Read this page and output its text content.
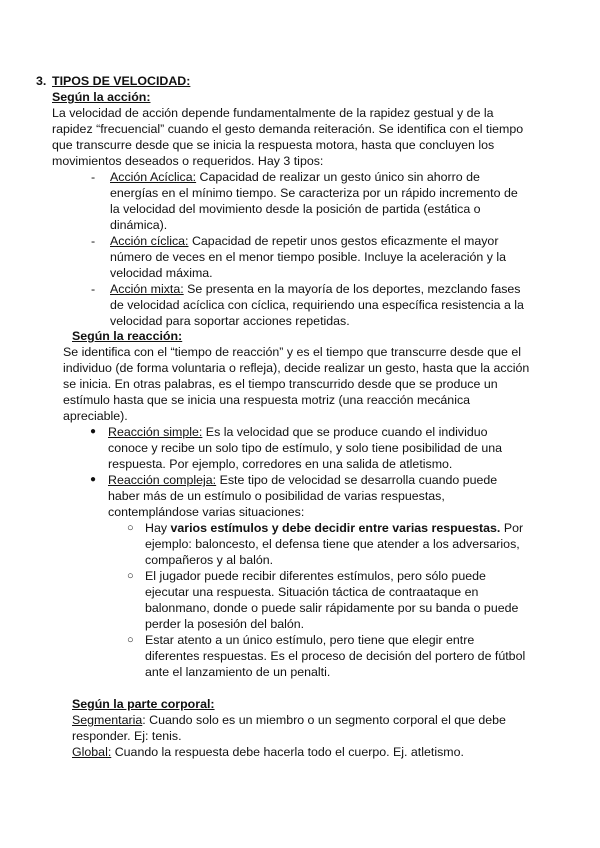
3. TIPOS DE VELOCIDAD:
Según la acción:

La velocidad de acción depende fundamentalmente de la rapidez gestual y de la rapidez “frecuencial” cuando el gesto demanda reiteración. Se identifica con el tiempo que transcurre desde que se inicia la respuesta motora, hasta que concluyen los movimientos deseados o requeridos. Hay 3 tipos:

- Acción Acíclica: Capacidad de realizar un gesto único sin ahorro de energías en el mínimo tiempo. Se caracteriza por un rápido incremento de la velocidad del movimiento desde la posición de partida (estática o dinámica).
- Acción cíclica: Capacidad de repetir unos gestos eficazmente el mayor número de veces en el menor tiempo posible. Incluye la aceleración y la velocidad máxima.
- Acción mixta: Se presenta en la mayoría de los deportes, mezclando fases de velocidad acíclica con cíclica, requiriendo una específica resistencia a la velocidad para soportar acciones repetidas.
Según la reacción:

Se identifica con el “tiempo de reacción” y es el tiempo que transcurre desde que el individuo (de forma voluntaria o refleja), decide realizar un gesto, hasta que la acción se inicia. En otras palabras, es el tiempo transcurrido desde que se produce un estímulo hasta que se inicia una respuesta motriz (una reacción mecánica apreciable).

● Reacción simple: Es la velocidad que se produce cuando el individuo conoce y recibe un solo tipo de estímulo, y solo tiene posibilidad de una respuesta. Por ejemplo, corredores en una salida de atletismo.
● Reacción compleja: Este tipo de velocidad se desarrolla cuando puede haber más de un estímulo o posibilidad de varias respuestas, contemplándose varias situaciones:
○ Hay varios estímulos y debe decidir entre varias respuestas. Por ejemplo: baloncesto, el defensa tiene que atender a los adversarios, compañeros y al balón.
○ El jugador puede recibir diferentes estímulos, pero sólo puede ejecutar una respuesta. Situación táctica de contraataque en balonmano, donde o puede salir rápidamente por su banda o puede perder la posesión del balón.
○ Estar atento a un único estímulo, pero tiene que elegir entre diferentes respuestas. Es el proceso de decisión del portero de fútbol ante el lanzamiento de un penalti.
Según la parte corporal:

Segmentaria: Cuando solo es un miembro o un segmento corporal el que debe responder. Ej: tenis.

Global: Cuando la respuesta debe hacerla todo el cuerpo. Ej. atletismo.
